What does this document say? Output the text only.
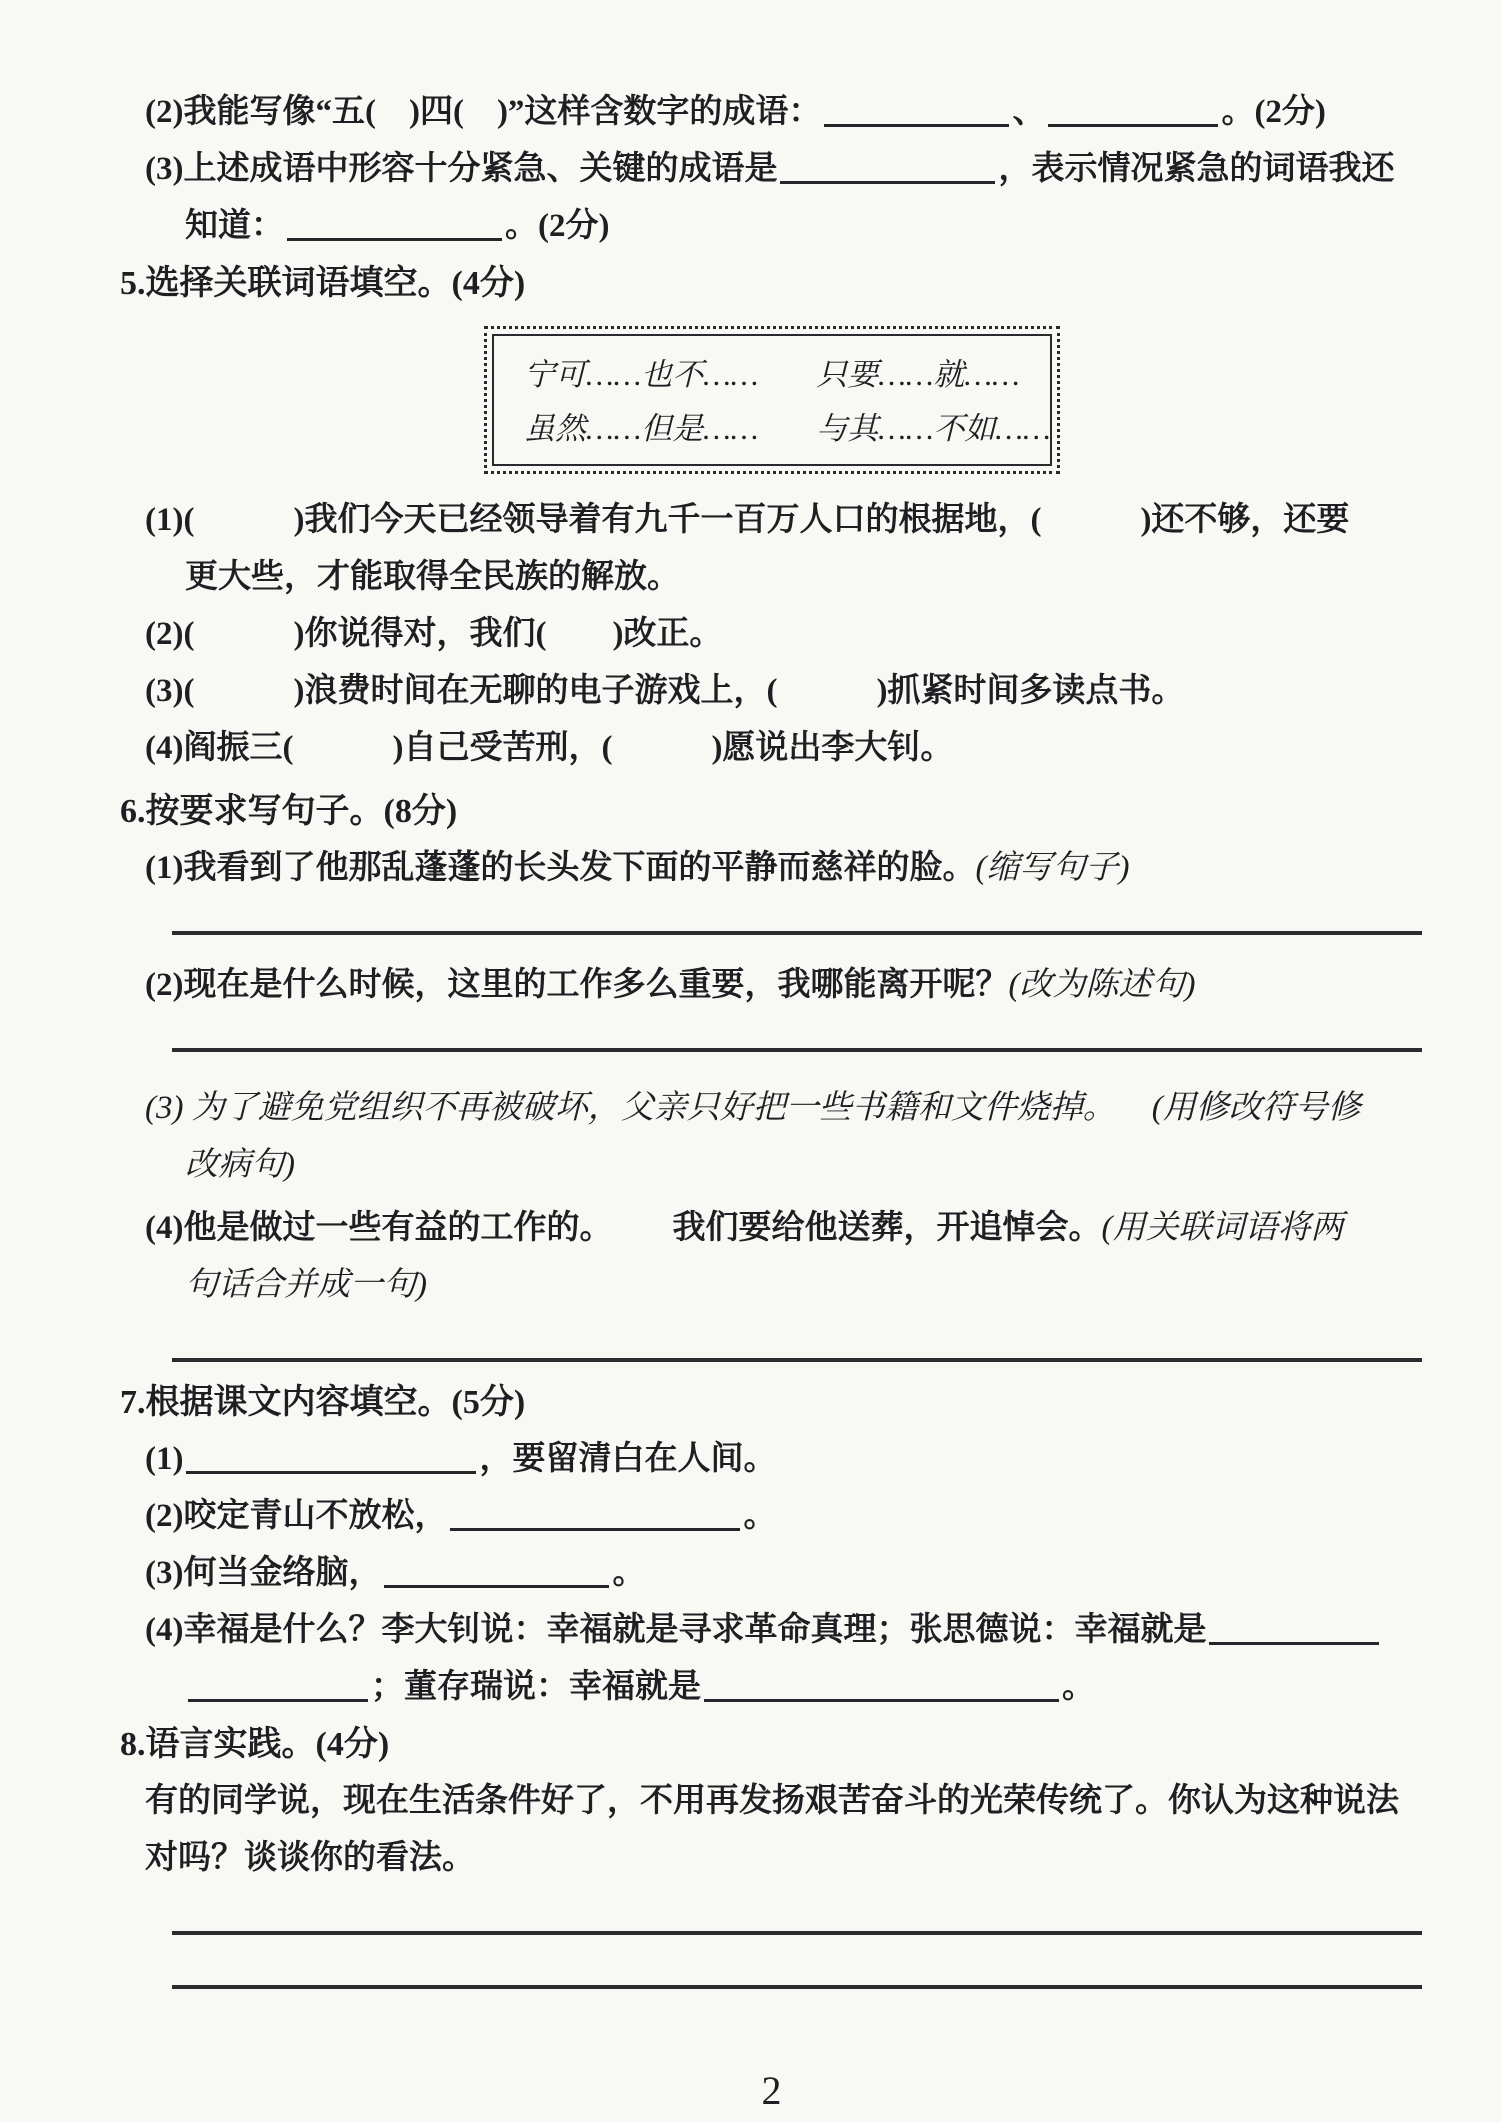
(2)我能写像“五(　)四(　)”这样含数字的成语：	、	。(2分)
(3)上述成语中形容十分紧急、关键的成语是	，表示情况紧急的词语我还
知道：	。(2分)
5.选择关联词语填空。(4分)
宁可……也不…… 只要……就……
虽然……但是…… 与其……不如……
(1)(　　　)我们今天已经领导着有九千一百万人口的根据地，(　　　)还不够，还要
更大些，才能取得全民族的解放。
(2)(　　　)你说得对，我们(　　)改正。
(3)(　　　)浪费时间在无聊的电子游戏上，(　　　)抓紧时间多读点书。
(4)阎振三(　　　)自己受苦刑，(　　　)愿说出李大钊。
6.按要求写句子。(8分)
(1)我看到了他那乱蓬蓬的长头发下面的平静而慈祥的脸。(缩写句子)
(2)现在是什么时候，这里的工作多么重要，我哪能离开呢？(改为陈述句)
(3) 为了避免党组织不再被破坏，父亲只好把一些书籍和文件烧掉。 (用修改符号修
改病句)
(4)他是做过一些有益的工作的。 我们要给他送葬，开追悼会。(用关联词语将两
句话合并成一句)
7.根据课文内容填空。(5分)
(1)	，要留清白在人间。
(2)咬定青山不放松，	。
(3)何当金络脑，	。
(4)幸福是什么？李大钊说：幸福就是寻求革命真理；张思德说：幸福就是
；董存瑞说：幸福就是	。
8.语言实践。(4分)
有的同学说，现在生活条件好了，不用再发扬艰苦奋斗的光荣传统了。你认为这种说法对吗？谈谈你的看法。
2
